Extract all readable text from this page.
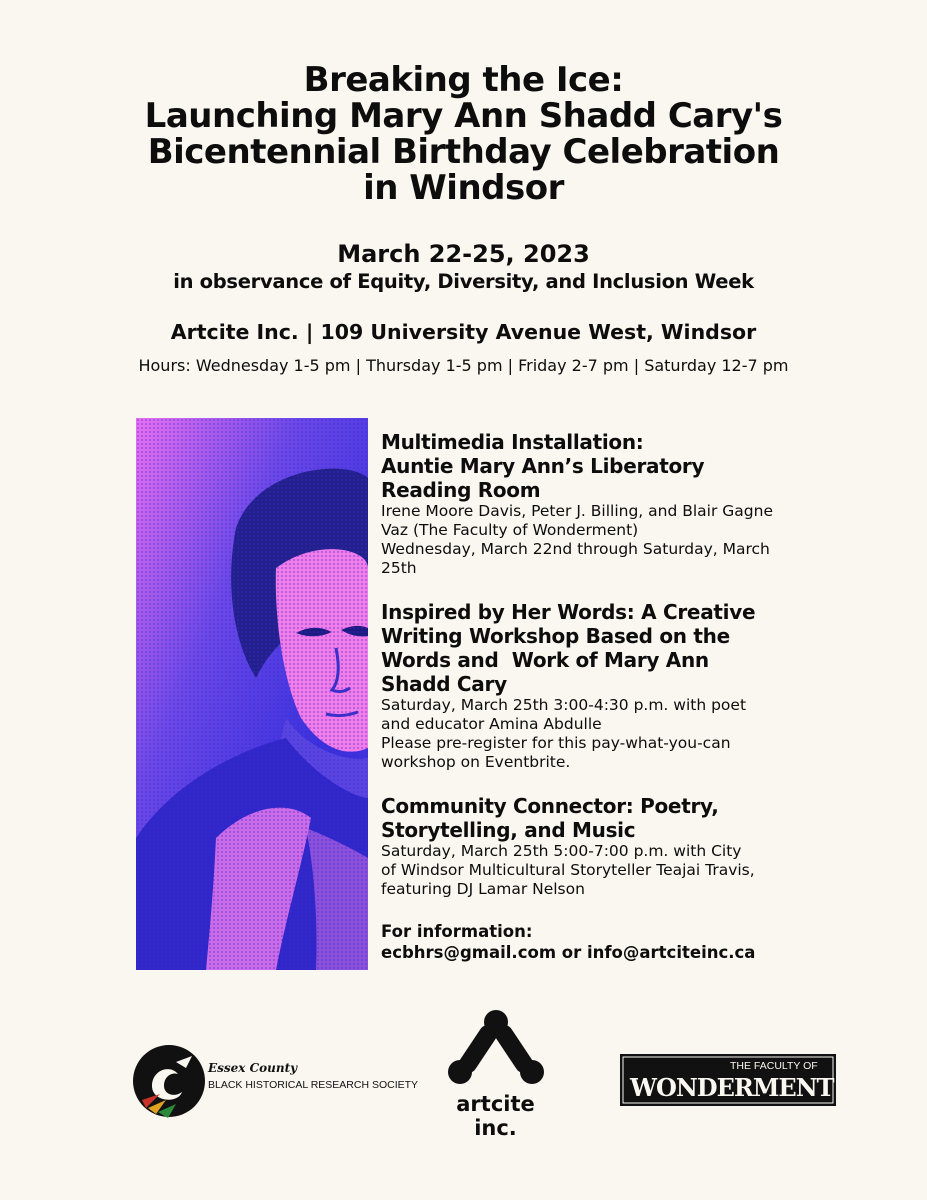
Breaking the Ice:
Launching Mary Ann Shadd Cary's
Bicentennial Birthday Celebration
in Windsor
March 22-25, 2023
in observance of Equity, Diversity, and Inclusion Week
Artcite Inc. | 109 University Avenue West, Windsor
Hours: Wednesday 1-5 pm | Thursday 1-5 pm | Friday 2-7 pm | Saturday 12-7 pm
Multimedia Installation:
Auntie Mary Ann’s Liberatory
Reading Room
Irene Moore Davis, Peter J. Billing, and Blair Gagne
Vaz (The Faculty of Wonderment)
Wednesday, March 22nd through Saturday, March
25th
Inspired by Her Words: A Creative
Writing Workshop Based on the
Words and  Work of Mary Ann
Shadd Cary
Saturday, March 25th 3:00-4:30 p.m. with poet
and educator Amina Abdulle
Please pre-register for this pay-what-you-can
workshop on Eventbrite.
Community Connector: Poetry,
Storytelling, and Music
Saturday, March 25th 5:00-7:00 p.m. with City
of Windsor Multicultural Storyteller Teajai Travis,
featuring DJ Lamar Nelson
For information:
ecbhrs@gmail.com or info@artciteinc.ca
Essex County
BLACK HISTORICAL RESEARCH SOCIETY
artcite inc.
THE FACULTY OF
WONDERMENT
